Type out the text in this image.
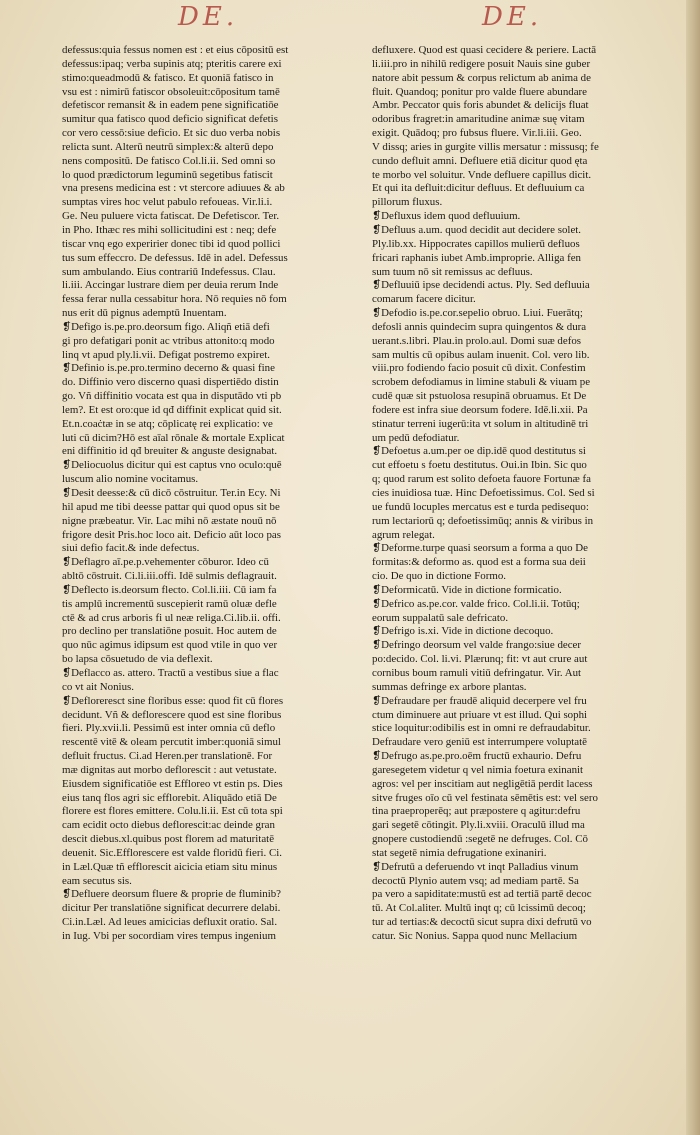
DE.	DE.
defessus:quia fessus nomen est : et eius cōpositū est
defessus:ipaq; verba supinis atq; pteritis carere exi
stimo:queadmodū & fatisco. Et quoniā fatisco in
vsu est : nimirū fatiscor obsoleuit:cōpositum tamē
defetiscor remansit & in eadem pene significatiōe
sumitur qua fatisco quod deficio significat defetis
cor vero cessō:siue deficio. Et sic duo verba nobis
relicta sunt. Alterū neutrū simplex:& alterū depo
nens compositū. De fatisco Col.li.ii. Sed omni so
lo quod prædictorum leguminū segetibus fatiscit
vna presens medicina est : vt stercore adiuues & ab
sumptas vires hoc velut pabulo refoueas. Vir.li.i.
Ge. Neu puluere victa fatiscat. De Defetiscor. Ter.
in Pho. Ithæc res mihi sollicitudini est : neq; defe
tiscar vnq ego experirier donec tibi id quod pollici
tus sum effeccro. De defessus. Idē in adel. Defessus
sum ambulando. Eius contrariū Indefessus. Clau.
li.iii. Accingar lustrare diem per deuia rerum Inde
fessa ferar nulla cessabitur hora. Nō requies nō fom
nus erit dū pignus ademptū Inuentam.
❡Defigo is.pe.pro.deorsum figo. Aliqñ etiā defi
gi pro defatigari ponit ac vtribus attonito:q modo
linq vt apud ply.li.vii. Defigat postremo expiret.
❡Definio is.pe.pro.termino decerno & quasi fine
do. Diffinio vero discerno quasi dispertiēdo distin
go. Vñ diffinitio vocata est qua in disputādo vti pb
lem?. Et est oro:que id qđ diffinit explicat quid sit.
Et.n.coaċtæ in se atq; cōplicatę rei explicatio: ve
luti cū dicim?Hō est aīal rōnale & mortale Explicat
eni diffinitio id qđ breuiter & anguste designabat.
❡Deliocuolus dicitur qui est captus vno oculo:quē
luscum alio nomine vocitamus.
❡Desit deesse:& cū dicō cōstruitur. Ter.in Ecy. Ni
hil apud me tibi deesse pattar qui quod opus sit be
nigne præbeatur. Vir. Lac mihi nō æstate nouū nō
frigore desit Pris.hoc loco ait. Deficio aūt loco pas
siui defio facit.& inde defectus.
❡Deflagro aī.pe.p.vehementer cōburor. Ideo cū
abltō cōstruit. Ci.li.iii.offi. Idē sulmis deflagrauit.
❡Deflecto is.deorsum flecto. Col.li.iii. Cū iam fa
tis amplū incrementū suscepierit ramū oluæ defle
ctē & ad crus arboris fi ul neæ religa.Ci.lib.ii. offi.
pro declino per translatiōne posuit. Hoc autem de
quo nūc agimus idipsum est quod vtile in quo ver
bo lapsa cōsuetudo de via deflexit.
❡Deflacco as. attero. Tractū a vestibus siue a flac
co vt ait Nonius.
❡Defloreresct sine floribus esse: quod fit cū flores
decidunt. Vñ & deflorescere quod est sine floribus
fieri. Ply.xvii.li. Pessimū est inter omnia cū deflo
rescentē vitē & oleam percutit imber:quoniā simul
defluit fructus. Ci.ad Heren.per translationē. For
mæ dignitas aut morbo deflorescit : aut vetustate.
Eiusdem significatiōe est Effloreo vt estin ps. Dies
eius tanq flos agri sic efflorebit. Aliquādo etiā De
florere est flores emittere. Colu.li.ii. Est cū tota spi
cam ecidit octo diebus deflorescit:ac deinde gran
descit diebus.xl.quibus post florem ad maturitatē
deuenit. Sic.Efflorescere est valde floridū fieri. Ci.
in Læl.Quæ tñ efflorescit aicicia etiam situ minus
eam secutus sis.
❡Defluere deorsum fluere & proprie de fluminib?
dicitur Per translatiōne significat decurrere delabi.
Ci.in.Læl. Ad leues amicicias defluxit oratio. Sal.
in Iug. Vbi per socordiam vires tempus ingenium
defluxere. Quod est quasi cecidere & periere. Lactā
li.iii.pro in nihilū redigere posuit Nauis sine guber
natore abit pessum & corpus relictum ab anima de
fluit. Quandoq; ponitur pro valde fluere abundare
Ambr. Peccator quis foris abundet & delicijs fluat
odoribus fragret:in amaritudine animæ suę vitam
exigit. Quādoq; pro fubsus fluere. Vir.li.iii. Geo.
V dissq; aries in gurgite villis mersatur : missusq; fe
cundo defluit amni. Defluere etiā dicitur quod ęta
te morbo vel soluitur. Vnde defluere capillus dicit.
Et qui ita defluit:dicitur defluus. Et defluuium ca
pillorum fluxus.
❡Defluxus idem quod defluuium.
❡Defluus a.um. quod decidit aut decidere solet.
Ply.lib.xx. Hippocrates capillos mulierū defluos
fricari raphanis iubet Amb.improprie. Alliga fen
sum tuum nō sit remissus ac defluus.
❡Defluuiū ipse decidendi actus. Ply. Sed defluuia
comarum facere dicitur.
❡Defodio is.pe.cor.sepelio obruo. Liui. Fuerātq;
defosli annis quindecim supra quingentos & dura
uerant.s.libri. Plau.in prolo.aul. Domi suæ defos
sam multis cū opibus aulam inuenit. Col. vero lib.
viii.pro fodiendo facio posuit cū dixit. Confestim
scrobem defodiamus in limine stabuli & viuam pe
cudē quæ sit pstuolosa resupinā obruamus. Et De
fodere est infra siue deorsum fodere. Idē.li.xii. Pa
stinatur terreni iugerū:ita vt solum in altitudinē tri
um pedū defodiatur.
❡Defoetus a.um.per oe dip.idē quod destitutus si
cut effoetu s foetu destitutus. Oui.in Ibin. Sic quo
q; quod rarum est solito defoeta fauore Fortunæ fa
cies inuidiosa tuæ. Hinc Defoetissimus. Col. Sed si
ue fundū locuples mercatus est e turda pedisequo:
rum lectariorū q; defoetissimūq; annis & viribus in
agrum relegat.
❡Deforme.turpe quasi seorsum a forma a quo De
formitas:& deformo as. quod est a forma sua deii
cio. De quo in dictione Formo.
❡Deformicatū. Vide in dictione formicatio.
❡Defrico as.pe.cor. valde frico. Col.li.ii. Totūq;
eorum suppalatū sale defricato.
❡Defrigo is.xi. Vide in dictione decoquo.
❡Defringo deorsum vel valde frango:siue decer
po:decido. Col. li.vi. Plærunq; fit: vt aut crure aut
cornibus boum ramuli vitiū defringatur. Vir. Aut
summas defringe ex arbore plantas.
❡Defraudare per fraudē aliquid decerpere vel fru
ctum diminuere aut priuare vt est illud. Qui sophi
stice loquitur:odibilis est in omni re defraudabitur.
Defraudare vero geniū est interrumpere voluptatē
❡Defrugo as.pe.pro.oēm fructū exhaurio. Defru
garesegetem videtur q vel nimia foetura exinanit
agros: vel per inscitiam aut negligētiā perdit lacess
sitve fruges oīo cū vel festinata sēmētis est: vel sero
tina praeproperēq; aut præpostere q agitur:defru
gari segetē cōtingit. Ply.li.xviii. Oraculū illud ma
gnopere custodiendū :segetē ne defruges. Col. Cō
stat segetē nimia defrugatione exinaniri.
❡Defrutū a deferuendo vt inqt Palladius vinum
decoctū Plynio autem vsq; ad mediam partē. Sa
pa vero a sapiditate:mustū est ad tertiā partē decoc
tū. At Col.aliter. Multū inqt q; cū lcissimū decoq;
tur ad tertias:& decoctū sicut supra dixi defrutū vo
catur. Sic Nonius. Sappa quod nunc Mellacium
